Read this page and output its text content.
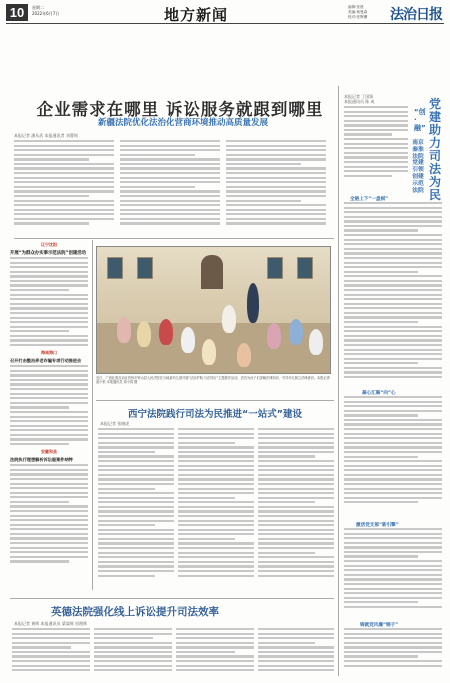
10	星期二
2022年6月7日	地方新闻	编辑:张晨
美编:杨曼森
校对:张辉骥 法治日报
企业需求在哪里 诉讼服务就跟到哪里
新疆法院优化法治化营商环境推动高质量发展
本报记者 潘从武 本报通讯者 刘曹瑶
辽宁沈阳
开展“为群众办实事示范法院”创建活动
海南海口
召开打击整治养老诈骗专项行动推进会
安徽和县
法院执行理想解析诉讼服案件纳特
近日，广西壮族自治区贺州市钟山县人民法院在当地某幼儿园开展“法治护航·与法同行”主题普法活动，法官为孩子们讲解法律知识，引导幼儿树立法律意识。本报记者 莫小松 本报通讯员 周小春 摄
西宁法院践行司法为民推进“一站式”建设
本报记者 张晓虎
英德法院强化线上诉讼提升司法效率
本报记者 黄辉 本报通讯员 梁谋辉 招理辉
本报记者 丁国锋
本报通讯员 陈 成	党建助力司法为民
“创·融”
南京秦淮法院党建引领创建示范法院
全链上下“一盘棋”
凝心汇聚“向”心
激活党支部“新引擎”
铸就党风廉“钢子”
